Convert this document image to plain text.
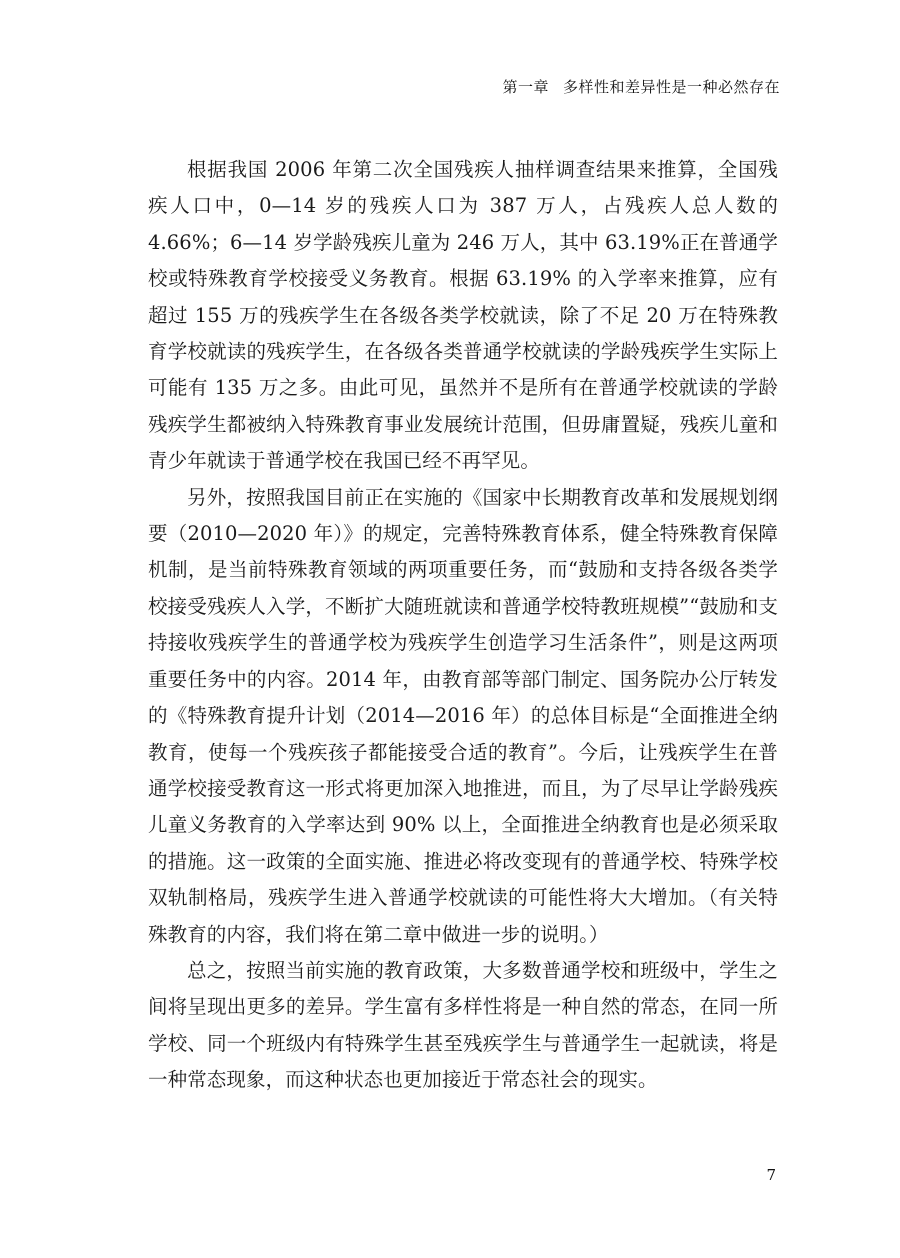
第一章 多样性和差异性是一种必然存在

根据我国 2006 年第二次全国残疾人抽样调查结果来推算，全国残疾人口中，0—14 岁的残疾人口为 387 万人，占残疾人总人数的 4.66%；6—14 岁学龄残疾儿童为 246 万人，其中 63.19%正在普通学校或特殊教育学校接受义务教育。根据 63.19% 的入学率来推算，应有超过 155 万的残疾学生在各级各类学校就读，除了不足 20 万在特殊教育学校就读的残疾学生，在各级各类普通学校就读的学龄残疾学生实际上可能有 135 万之多。由此可见，虽然并不是所有在普通学校就读的学龄残疾学生都被纳入特殊教育事业发展统计范围，但毋庸置疑，残疾儿童和青少年就读于普通学校在我国已经不再罕见。

另外，按照我国目前正在实施的《国家中长期教育改革和发展规划纲要（2010—2020 年）》的规定，完善特殊教育体系，健全特殊教育保障机制，是当前特殊教育领域的两项重要任务，而“鼓励和支持各级各类学校接受残疾人入学，不断扩大随班就读和普通学校特教班规模”“鼓励和支持接收残疾学生的普通学校为残疾学生创造学习生活条件”，则是这两项重要任务中的内容。2014 年，由教育部等部门制定、国务院办公厅转发的《特殊教育提升计划（2014—2016 年）的总体目标是“全面推进全纳教育，使每一个残疾孩子都能接受合适的教育”。今后，让残疾学生在普通学校接受教育这一形式将更加深入地推进，而且，为了尽早让学龄残疾儿童义务教育的入学率达到 90% 以上，全面推进全纳教育也是必须采取的措施。这一政策的全面实施、推进必将改变现有的普通学校、特殊学校双轨制格局，残疾学生进入普通学校就读的可能性将大大增加。（有关特殊教育的内容，我们将在第二章中做进一步的说明。）

总之，按照当前实施的教育政策，大多数普通学校和班级中，学生之间将呈现出更多的差异。学生富有多样性将是一种自然的常态，在同一所学校、同一个班级内有特殊学生甚至残疾学生与普通学生一起就读，将是一种常态现象，而这种状态也更加接近于常态社会的现实。

7
